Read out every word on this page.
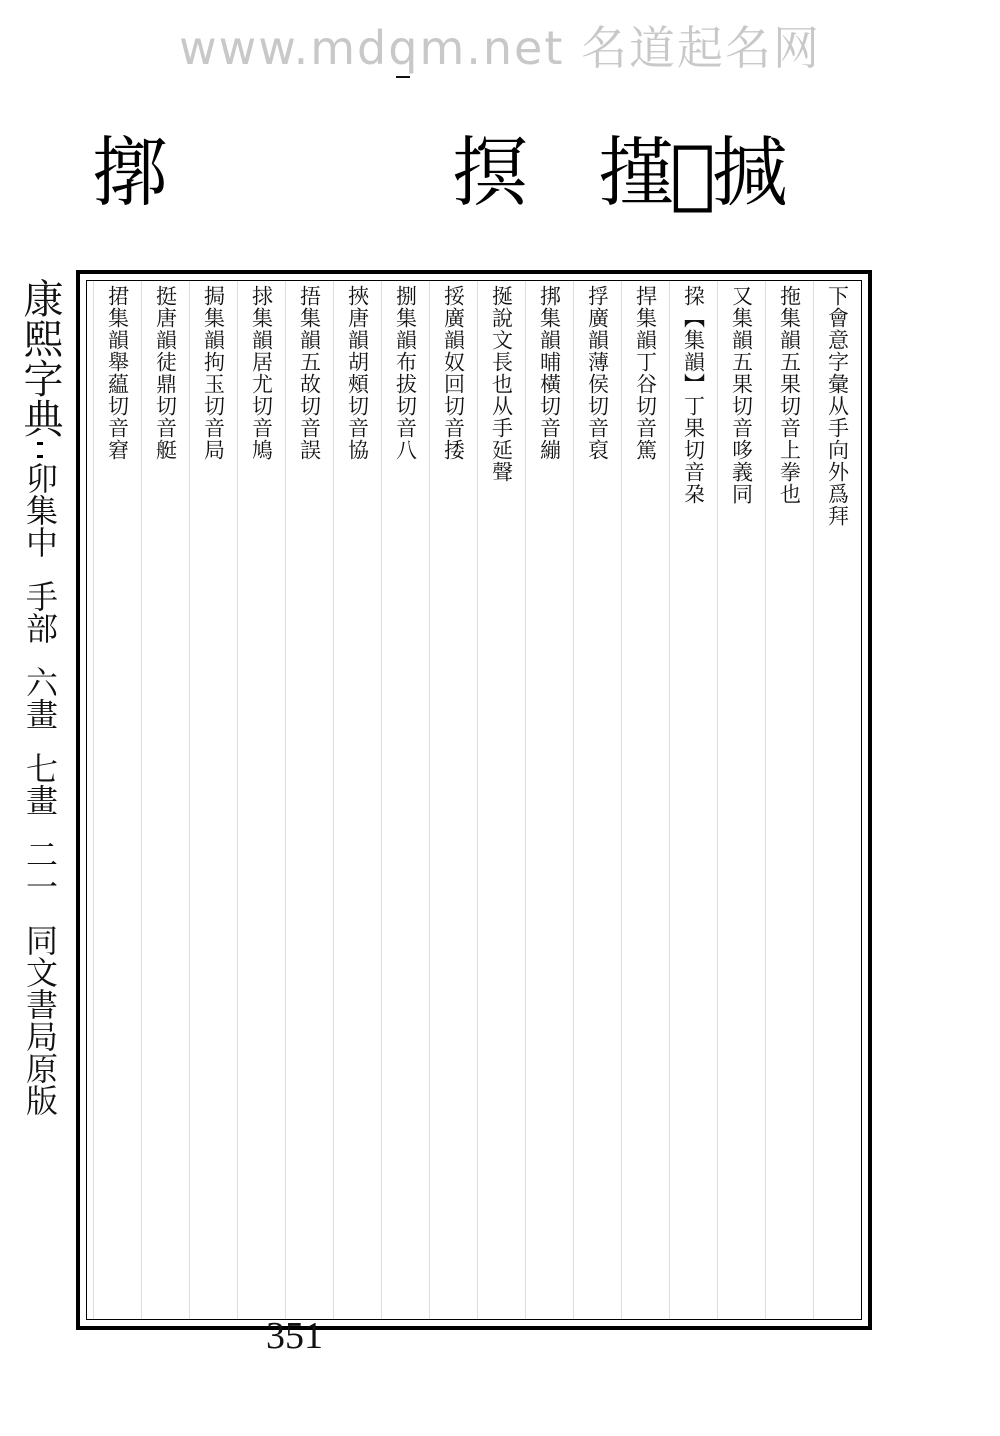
www.mdqm.net 名道起名网
㨷𢱭㨔
㨠
㨯
康熙字典
卯集中
手部
六畫
七畫
二一
同文書局原版
下會意字彙从手向外爲拜
拖集韻五果切音上拳也
又集韻五果切音哆義同
挅【集韻】丁果切音朶
捍集韻丁谷切音篤
捊廣韻薄侯切音裒
挷集韻晡橫切音繃
挻說文長也从手延聲
挼廣韻奴回切音捼
捌集韻布拔切音八
挾唐韻胡頰切音協
捂集韻五故切音誤
捄集韻居尤切音鳩
挶集韻拘玉切音局
挺唐韻徒鼎切音艇
捃集韻舉藴切音窘
351
